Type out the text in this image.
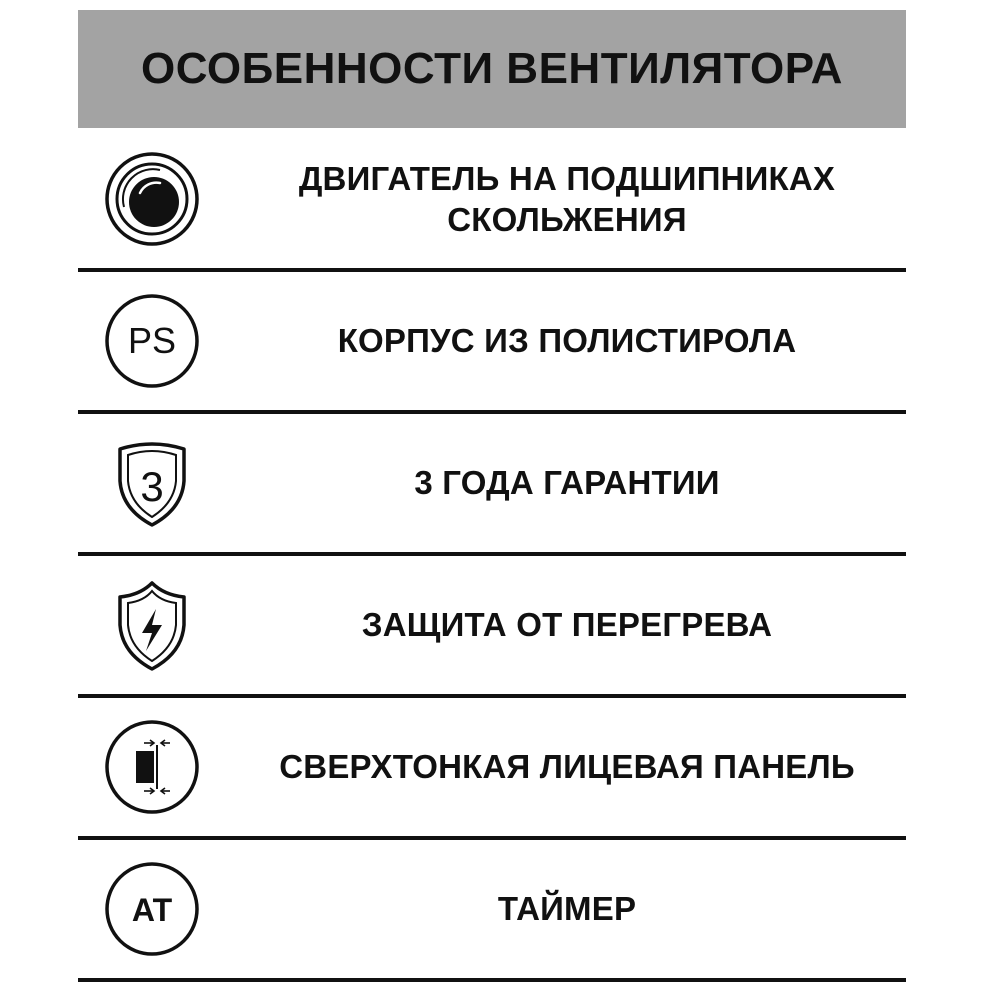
ОСОБЕННОСТИ ВЕНТИЛЯТОРА
ДВИГАТЕЛЬ НА ПОДШИПНИКАХ
СКОЛЬЖЕНИЯ
PS	КОРПУС ИЗ ПОЛИСТИРОЛА
3	3 ГОДА ГАРАНТИИ
ЗАЩИТА ОТ ПЕРЕГРЕВА
СВЕРХТОНКАЯ ЛИЦЕВАЯ ПАНЕЛЬ
AT	ТАЙМЕР
